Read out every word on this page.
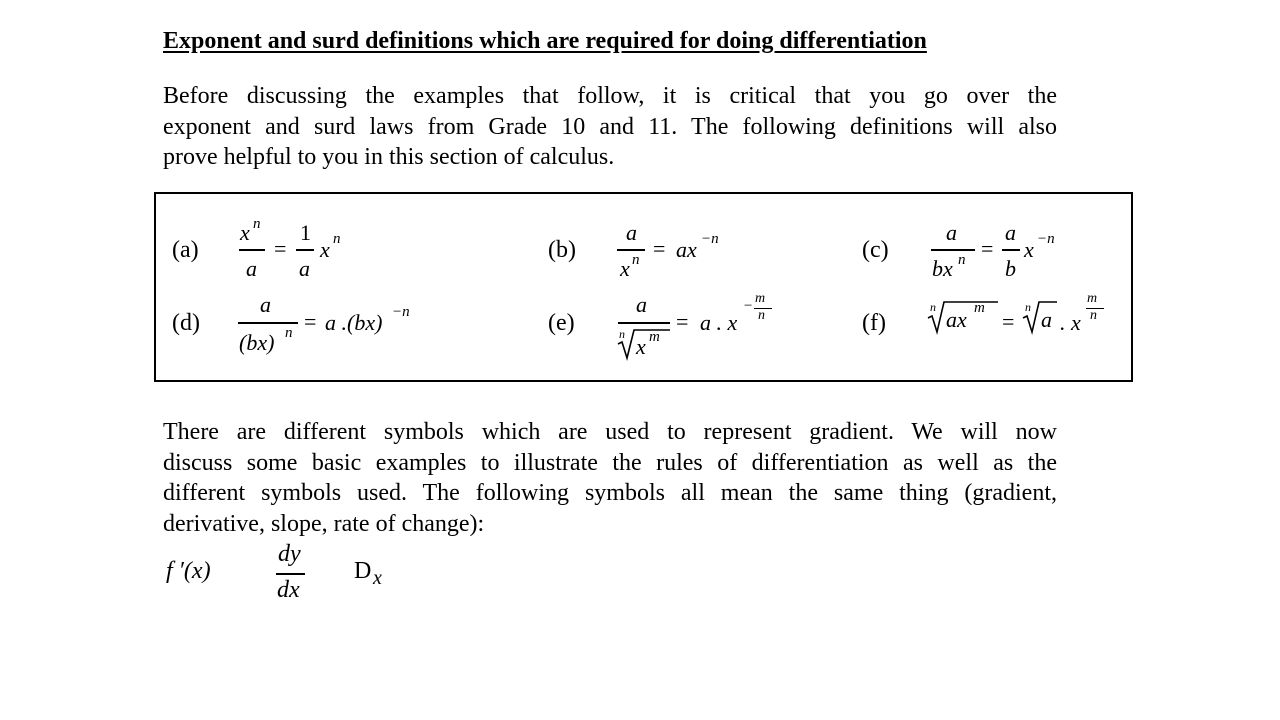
Exponent and surd definitions which are required for doing differentiation

Before discussing the examples that follow, it is critical that you go over the
exponent and surd laws from Grade 10 and 11. The following definitions will also
prove helpful to you in this section of calculus.

(a)
x n
a
=
1
a
x n	(b)
a
x n = ax −n	(c)
a
bx n =
a
b
x −n
(d)
a
(bx) n = a .(bx) −n	(e)
a
n x m
= a . x
− m
n	(f)
n ax m
=
n a . x
m
n

There are different symbols which are used to represent gradient. We will now
discuss some basic examples to illustrate the rules of differentiation as well as the
different symbols used. The following symbols all mean the same thing (gradient,
derivative, slope, rate of change):

f ′(x)
dy
dx
D x
